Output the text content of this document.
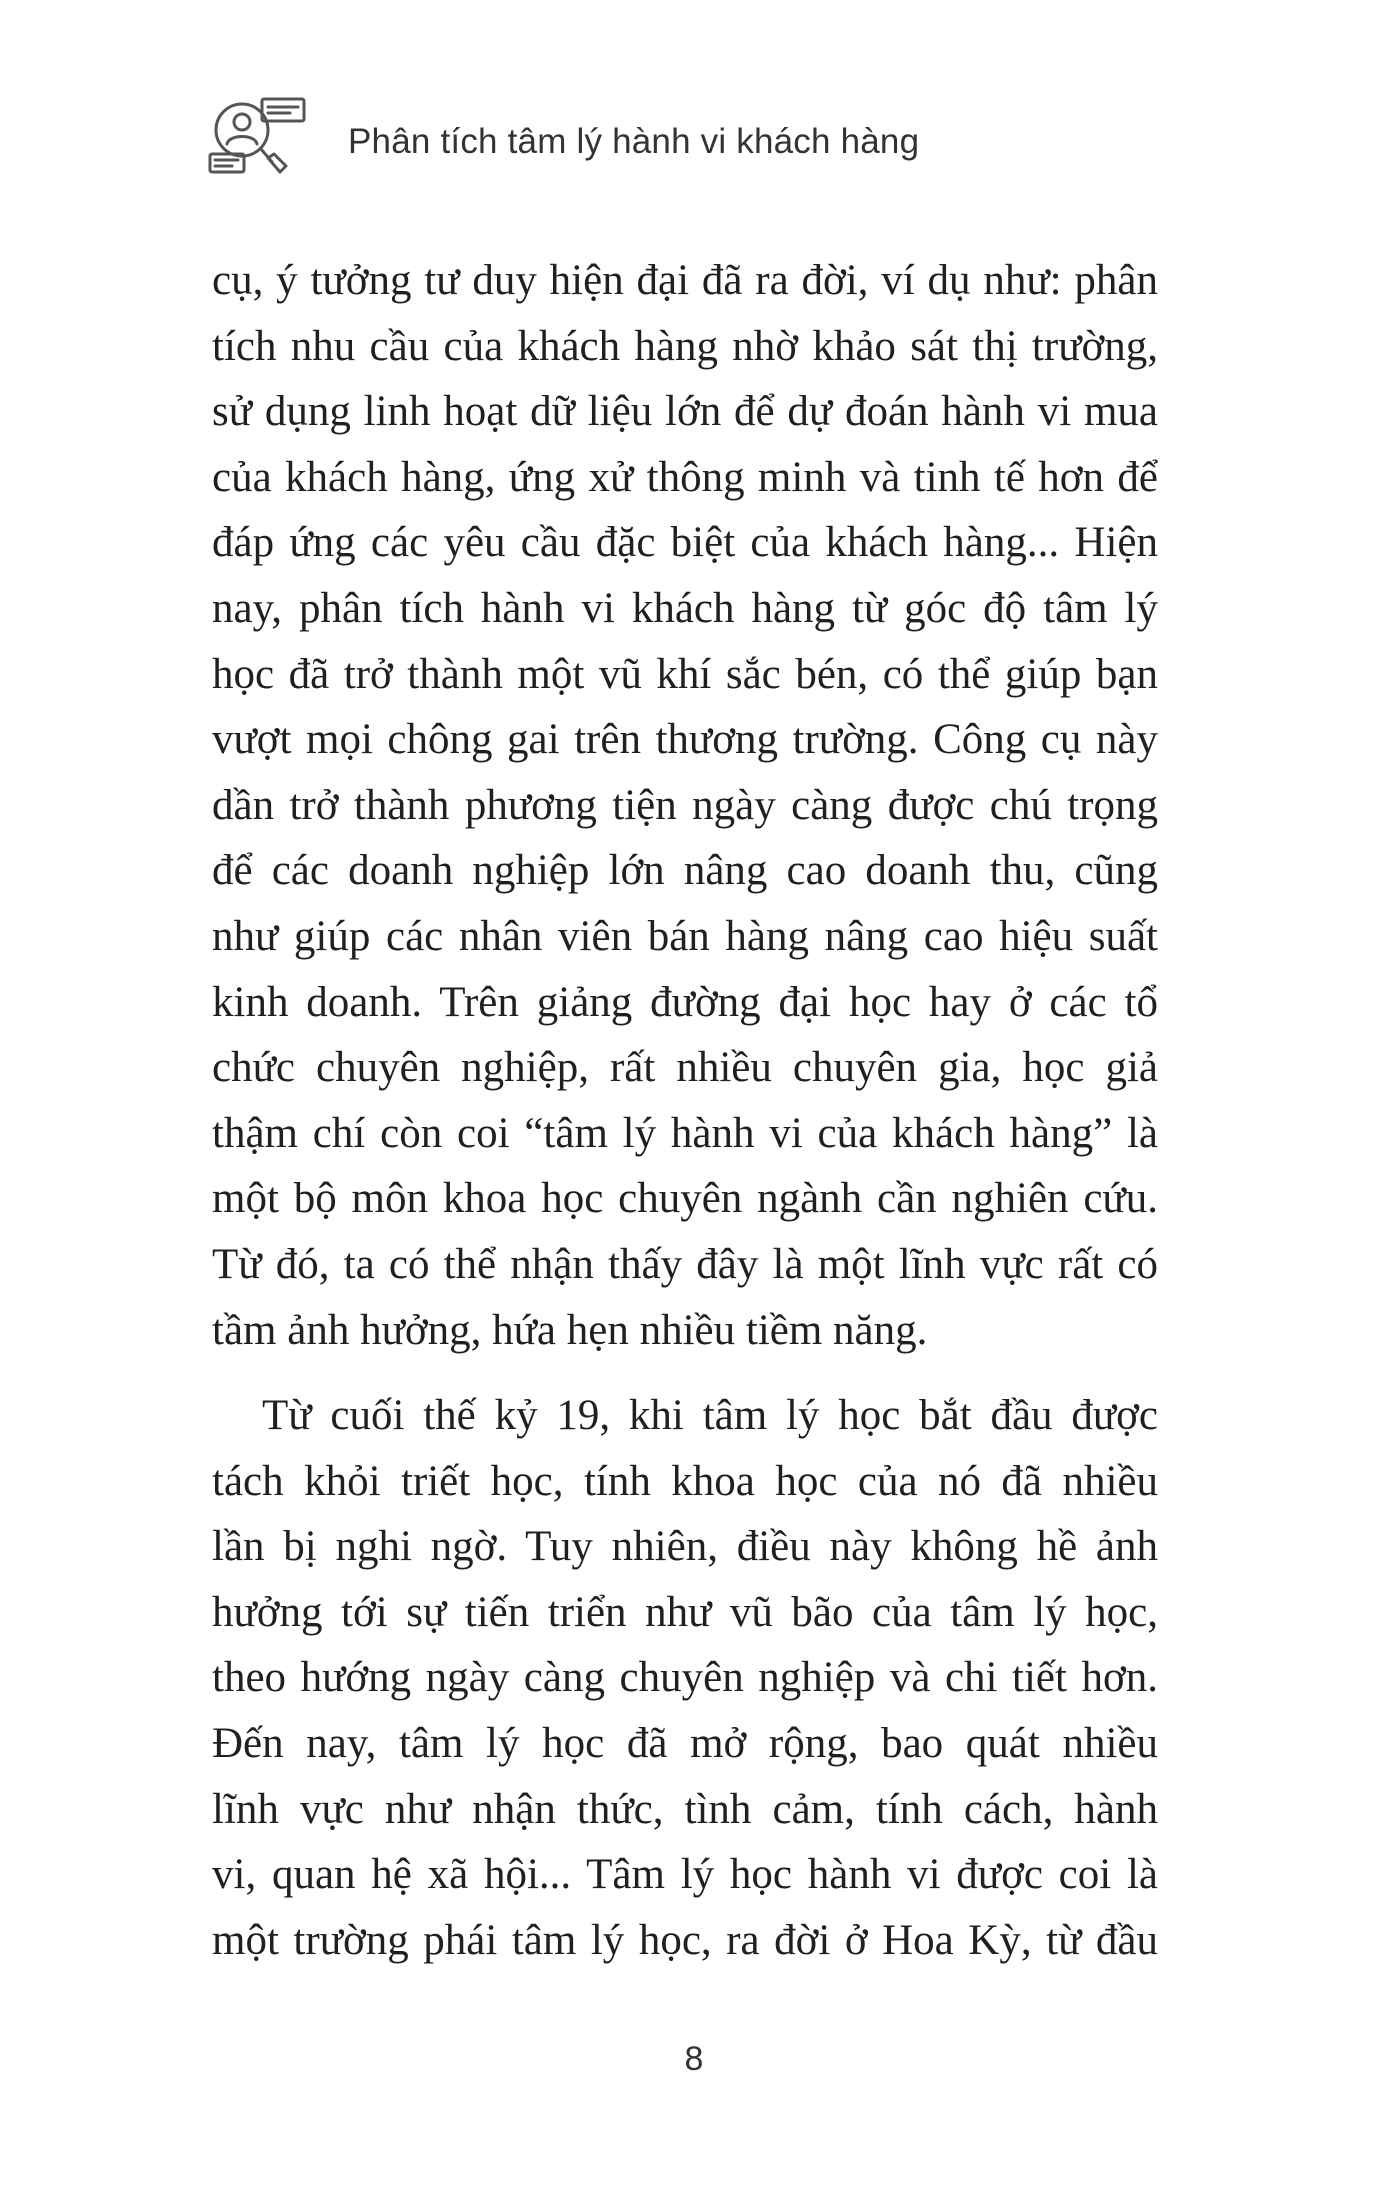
Phân tích tâm lý hành vi khách hàng
cụ, ý tưởng tư duy hiện đại đã ra đời, ví dụ như: phân
tích nhu cầu của khách hàng nhờ khảo sát thị trường,
sử dụng linh hoạt dữ liệu lớn để dự đoán hành vi mua
của khách hàng, ứng xử thông minh và tinh tế hơn để
đáp ứng các yêu cầu đặc biệt của khách hàng... Hiện
nay, phân tích hành vi khách hàng từ góc độ tâm lý
học đã trở thành một vũ khí sắc bén, có thể giúp bạn
vượt mọi chông gai trên thương trường. Công cụ này
dần trở thành phương tiện ngày càng được chú trọng
để các doanh nghiệp lớn nâng cao doanh thu, cũng
như giúp các nhân viên bán hàng nâng cao hiệu suất
kinh doanh. Trên giảng đường đại học hay ở các tổ
chức chuyên nghiệp, rất nhiều chuyên gia, học giả
thậm chí còn coi “tâm lý hành vi của khách hàng” là
một bộ môn khoa học chuyên ngành cần nghiên cứu.
Từ đó, ta có thể nhận thấy đây là một lĩnh vực rất có
tầm ảnh hưởng, hứa hẹn nhiều tiềm năng.
Từ cuối thế kỷ 19, khi tâm lý học bắt đầu được
tách khỏi triết học, tính khoa học của nó đã nhiều
lần bị nghi ngờ. Tuy nhiên, điều này không hề ảnh
hưởng tới sự tiến triển như vũ bão của tâm lý học,
theo hướng ngày càng chuyên nghiệp và chi tiết hơn.
Đến nay, tâm lý học đã mở rộng, bao quát nhiều
lĩnh vực như nhận thức, tình cảm, tính cách, hành
vi, quan hệ xã hội... Tâm lý học hành vi được coi là
một trường phái tâm lý học, ra đời ở Hoa Kỳ, từ đầu
8
